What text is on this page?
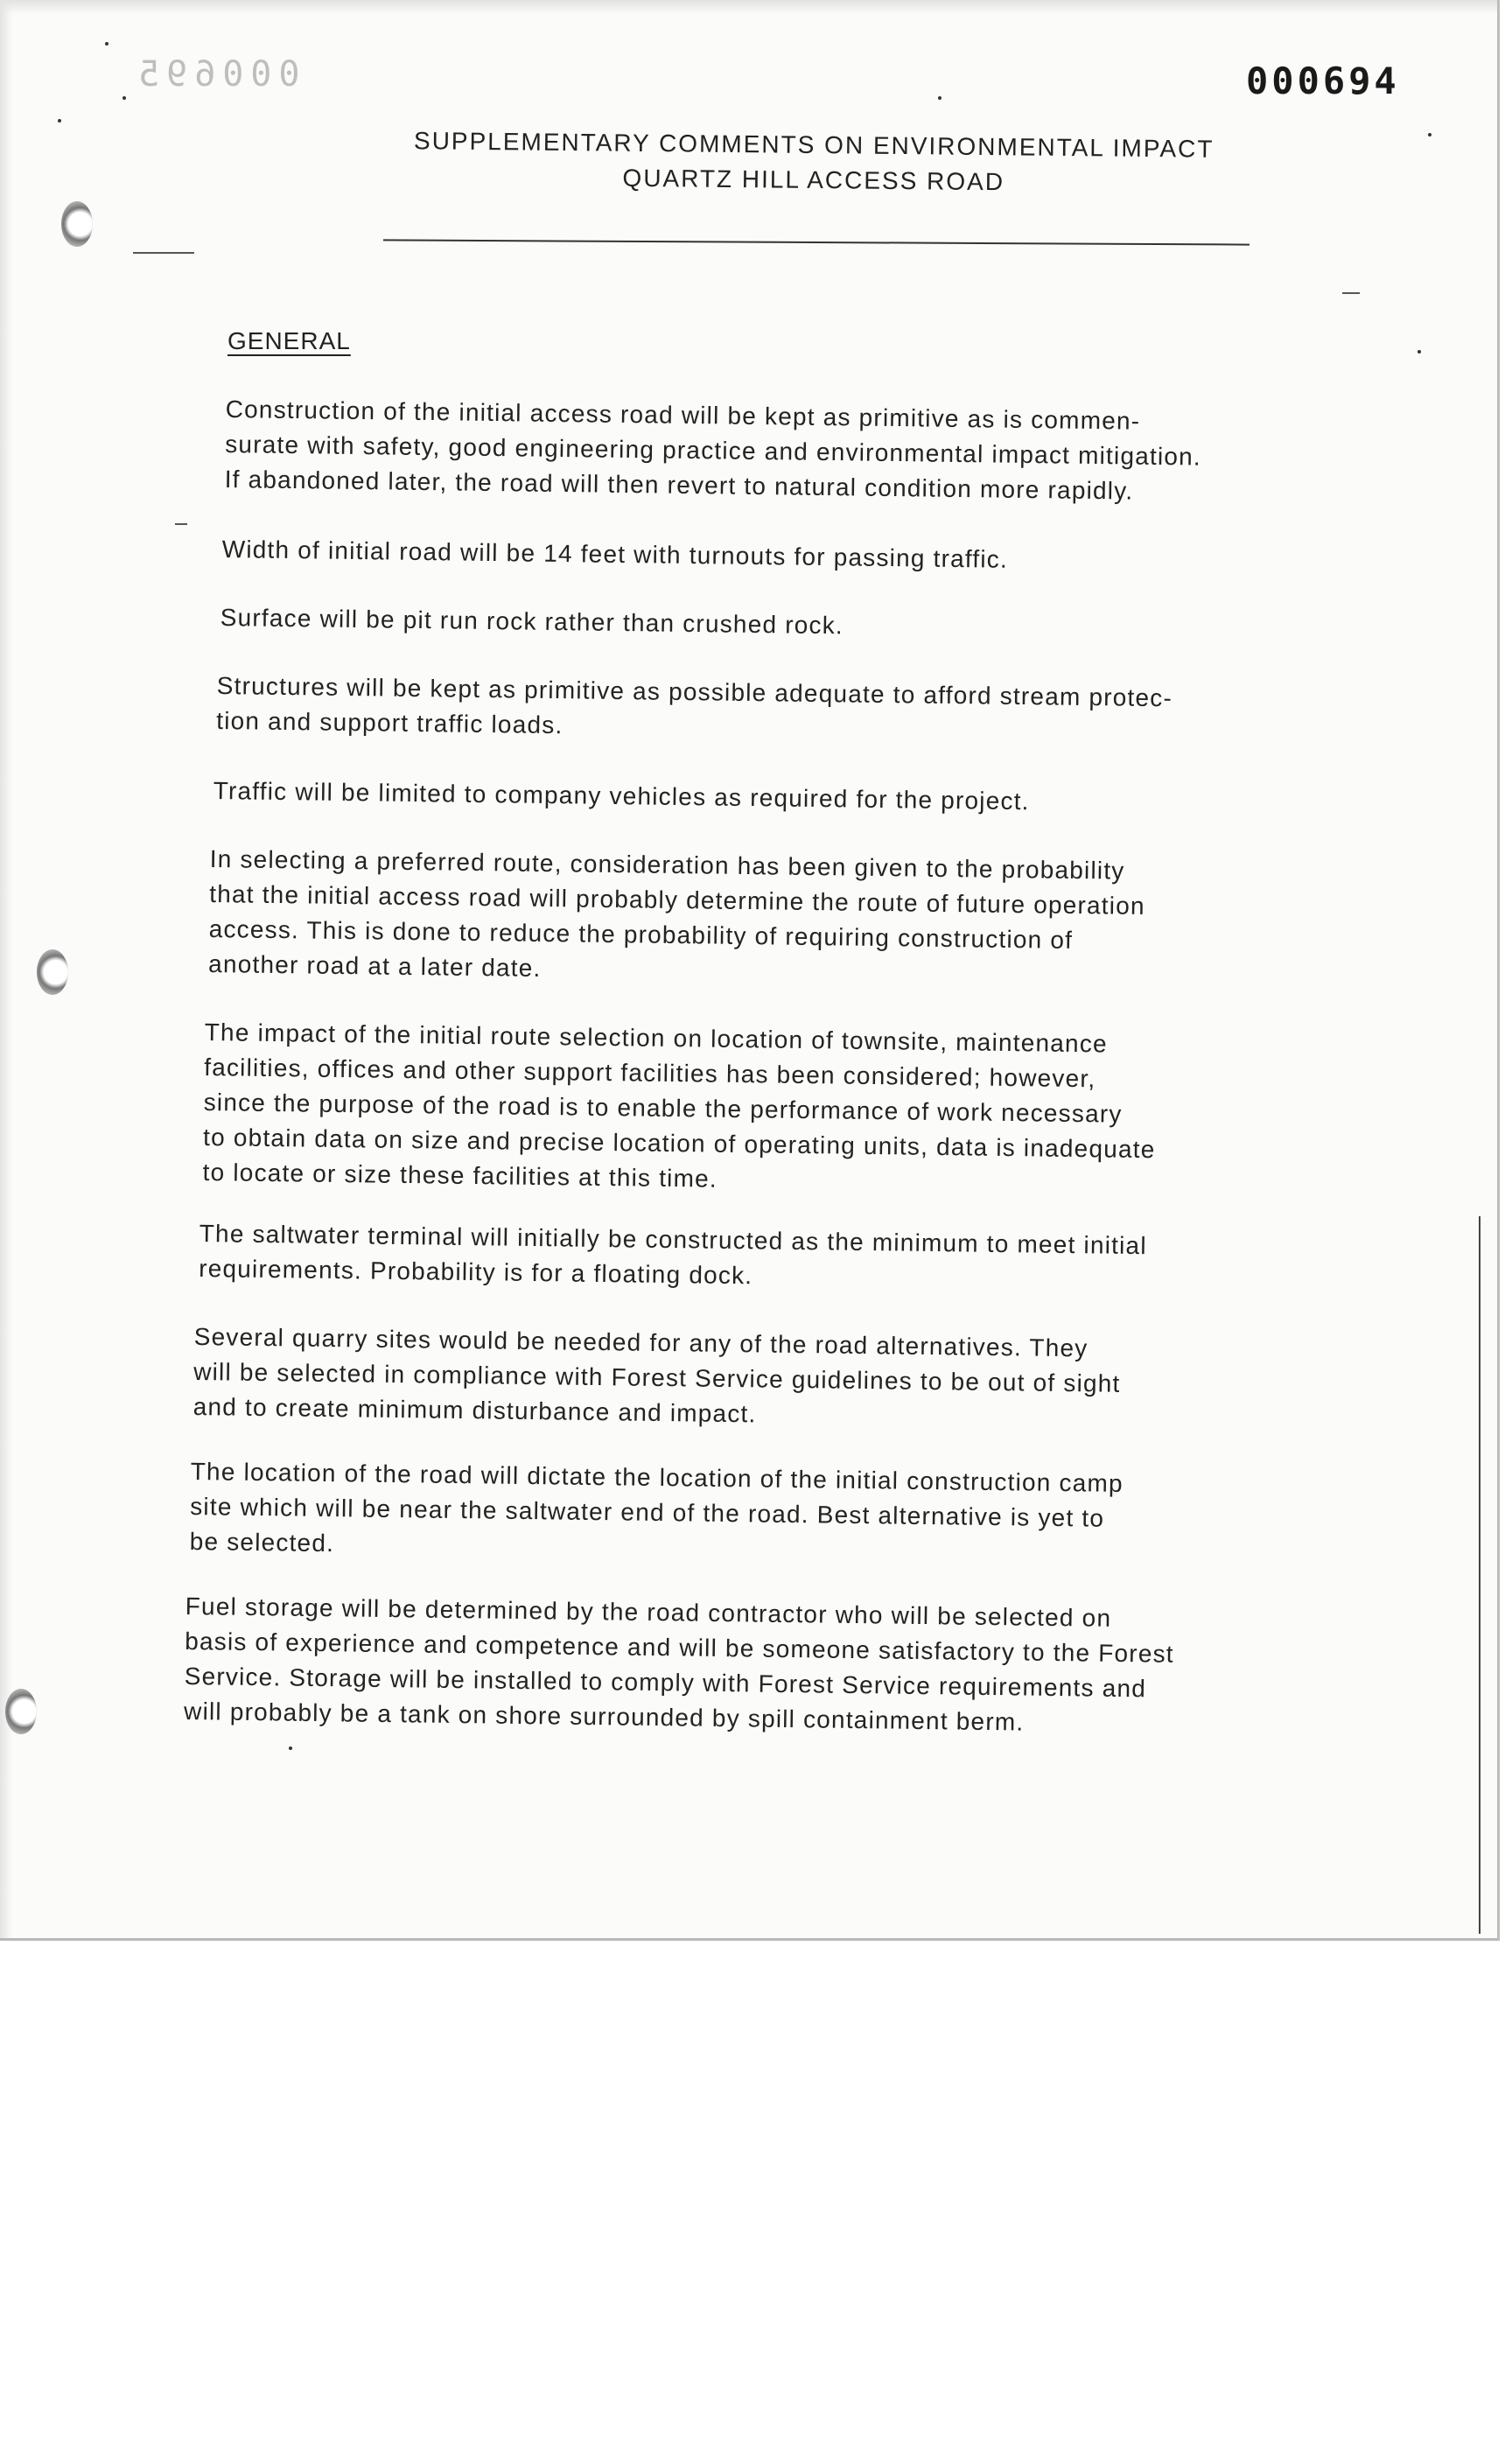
000695	000694
SUPPLEMENTARY COMMENTS ON ENVIRONMENTAL IMPACT
QUARTZ HILL ACCESS ROAD
GENERAL
Construction of the initial access road will be kept as primitive as is commen-
surate with safety, good engineering practice and environmental impact mitigation.
If abandoned later, the road will then revert to natural condition more rapidly.
Width of initial road will be 14 feet with turnouts for passing traffic.
Surface will be pit run rock rather than crushed rock.
Structures will be kept as primitive as possible adequate to afford stream protec-
tion and support traffic loads.
Traffic will be limited to company vehicles as required for the project.
In selecting a preferred route, consideration has been given to the probability
that the initial access road will probably determine the route of future operation
access. This is done to reduce the probability of requiring construction of
another road at a later date.
The impact of the initial route selection on location of townsite, maintenance
facilities, offices and other support facilities has been considered; however,
since the purpose of the road is to enable the performance of work necessary
to obtain data on size and precise location of operating units, data is inadequate
to locate or size these facilities at this time.
The saltwater terminal will initially be constructed as the minimum to meet initial
requirements. Probability is for a floating dock.
Several quarry sites would be needed for any of the road alternatives. They
will be selected in compliance with Forest Service guidelines to be out of sight
and to create minimum disturbance and impact.
The location of the road will dictate the location of the initial construction camp
site which will be near the saltwater end of the road. Best alternative is yet to
be selected.
Fuel storage will be determined by the road contractor who will be selected on
basis of experience and competence and will be someone satisfactory to the Forest
Service. Storage will be installed to comply with Forest Service requirements and
will probably be a tank on shore surrounded by spill containment berm.
